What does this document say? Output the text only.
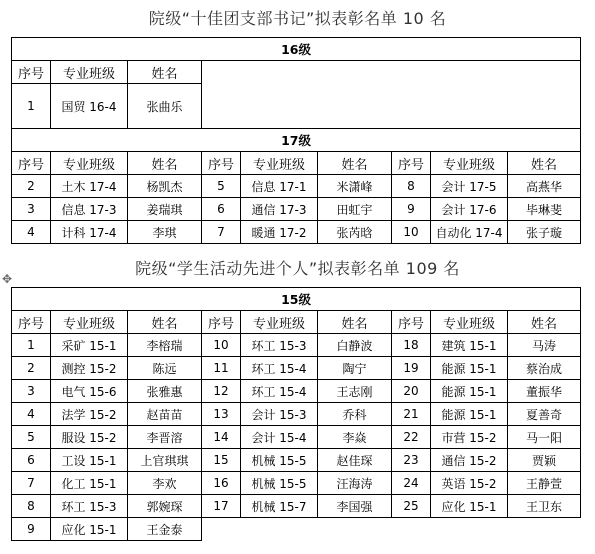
院级“十佳团支部书记”拟表彰名单 10 名
16级								
序号	专业班级	姓名						
1	国贸 16-4	张曲乐						
17级								
序号	专业班级	姓名	序号	专业班级	姓名	序号	专业班级	姓名
2	土木 17-4	杨凯杰	5	信息 17-1	米潇峰	8	会计 17-5	高燕华
3	信息 17-3	姜瑞琪	6	通信 17-3	田虹宇	9	会计 17-6	毕琳斐
4	计科 17-4	李琪	7	暖通 17-2	张芮晗	10	自动化 17-4	张子璇
✥
院级“学生活动先进个人”拟表彰名单 109 名
15级								
序号	专业班级	姓名	序号	专业班级	姓名	序号	专业班级	姓名
1	采矿 15-1	李榕瑞	10	环工 15-3	白静波	18	建筑 15-1	马涛
2	测控 15-2	陈远	11	环工 15-4	陶宁	19	能源 15-1	蔡治成
3	电气 15-6	张雅惠	12	环工 15-4	王志刚	20	能源 15-1	董振华
4	法学 15-2	赵苗苗	13	会计 15-3	乔科	21	能源 15-1	夏善奇
5	服设 15-2	李晋溶	14	会计 15-4	李焱	22	市营 15-2	马一阳
6	工设 15-1	上官琪琪	15	机械 15-5	赵佳琛	23	通信 15-2	贾颖
7	化工 15-1	李欢	16	机械 15-5	汪海涛	24	英语 15-2	王静萱
8	环工 15-3	郭婉琛	17	机械 15-7	李国强	25	应化 15-1	王卫东
9	应化 15-1	王金泰						
